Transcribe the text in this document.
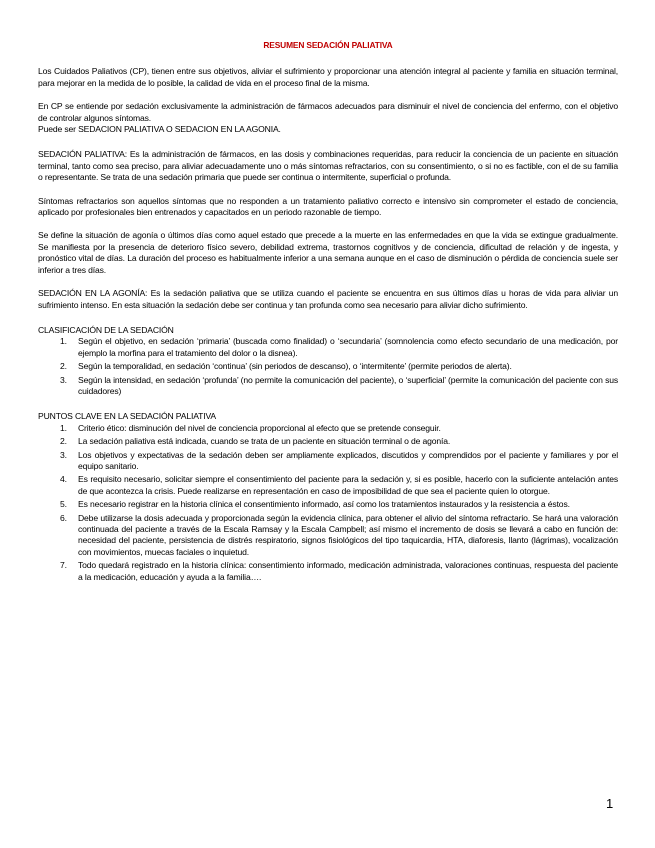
RESUMEN SEDACIÓN PALIATIVA

Los Cuidados Paliativos (CP), tienen entre sus objetivos, aliviar el sufrimiento y proporcionar una atención integral al paciente y familia en situación terminal, para mejorar en la medida de lo posible, la calidad de vida en el proceso final de la misma.

En CP se entiende por sedación exclusivamente la administración de fármacos adecuados para disminuir el nivel de conciencia del enfermo, con el objetivo de controlar algunos síntomas.

Puede ser SEDACION PALIATIVA O SEDACION EN LA AGONIA.

SEDACIÓN PALIATIVA: Es la administración de fármacos, en las dosis y combinaciones requeridas, para reducir la conciencia de un paciente en situación terminal, tanto como sea preciso, para aliviar adecuadamente uno o más síntomas refractarios, con su consentimiento, o si no es factible, con el de su familia o representante. Se trata de una sedación primaria que puede ser continua o intermitente, superficial o profunda.

Síntomas refractarios son aquellos síntomas que no responden a un tratamiento paliativo correcto e intensivo sin comprometer el estado de conciencia, aplicado por profesionales bien entrenados y capacitados en un periodo razonable de tiempo.

Se define la situación de agonía o últimos días como aquel estado que precede a la muerte en las enfermedades en que la vida se extingue gradualmente. Se manifiesta por la presencia de deterioro físico severo, debilidad extrema, trastornos cognitivos y de conciencia, dificultad de relación y de ingesta, y pronóstico vital de días. La duración del proceso es habitualmente inferior a una semana aunque en el caso de disminución o pérdida de conciencia suele ser inferior a tres días.

SEDACIÓN EN LA AGONÍA: Es la sedación paliativa que se utiliza cuando el paciente se encuentra en sus últimos días u horas de vida para aliviar un sufrimiento intenso. En esta situación la sedación debe ser continua y tan profunda como sea necesario para aliviar dicho sufrimiento.

CLASIFICACIÓN DE LA SEDACIÓN
1. Según el objetivo, en sedación ‘primaria’ (buscada como finalidad) o ‘secundaria’ (somnolencia como efecto secundario de una medicación, por ejemplo la morfina para el tratamiento del dolor o la disnea).
2. Según la temporalidad, en sedación ‘continua’ (sin periodos de descanso), o ‘intermitente’ (permite periodos de alerta).
3. Según la intensidad, en sedación ‘profunda’ (no permite la comunicación del paciente), o ‘superficial’ (permite la comunicación del paciente con sus cuidadores)
PUNTOS CLAVE EN LA SEDACIÓN PALIATIVA
1. Criterio ético: disminución del nivel de conciencia proporcional al efecto que se pretende conseguir.
2. La sedación paliativa está indicada, cuando se trata de un paciente en situación terminal o de agonía.
3. Los objetivos y expectativas de la sedación deben ser ampliamente explicados, discutidos y comprendidos por el paciente y familiares y por el equipo sanitario.
4. Es requisito necesario, solicitar siempre el consentimiento del paciente para la sedación y, si es posible, hacerlo con la suficiente antelación antes de que acontezca la crisis. Puede realizarse en representación en caso de imposibilidad de que sea el paciente quien lo otorgue.
5. Es necesario registrar en la historia clínica el consentimiento informado, así como los tratamientos instaurados y la resistencia a éstos.
6. Debe utilizarse la dosis adecuada y proporcionada según la evidencia clínica, para obtener el alivio del síntoma refractario. Se hará una valoración continuada del paciente a través de la Escala Ramsay y la Escala Campbell; así mismo el incremento de dosis se llevará a cabo en función de: necesidad del paciente, persistencia de distrés respiratorio, signos fisiológicos del tipo taquicardia, HTA, diaforesis, llanto (lágrimas), vocalización con movimientos, muecas faciales o inquietud.
7. Todo quedará registrado en la historia clínica: consentimiento informado, medicación administrada, valoraciones continuas, respuesta del paciente a la medicación, educación y ayuda a la familia….
1
